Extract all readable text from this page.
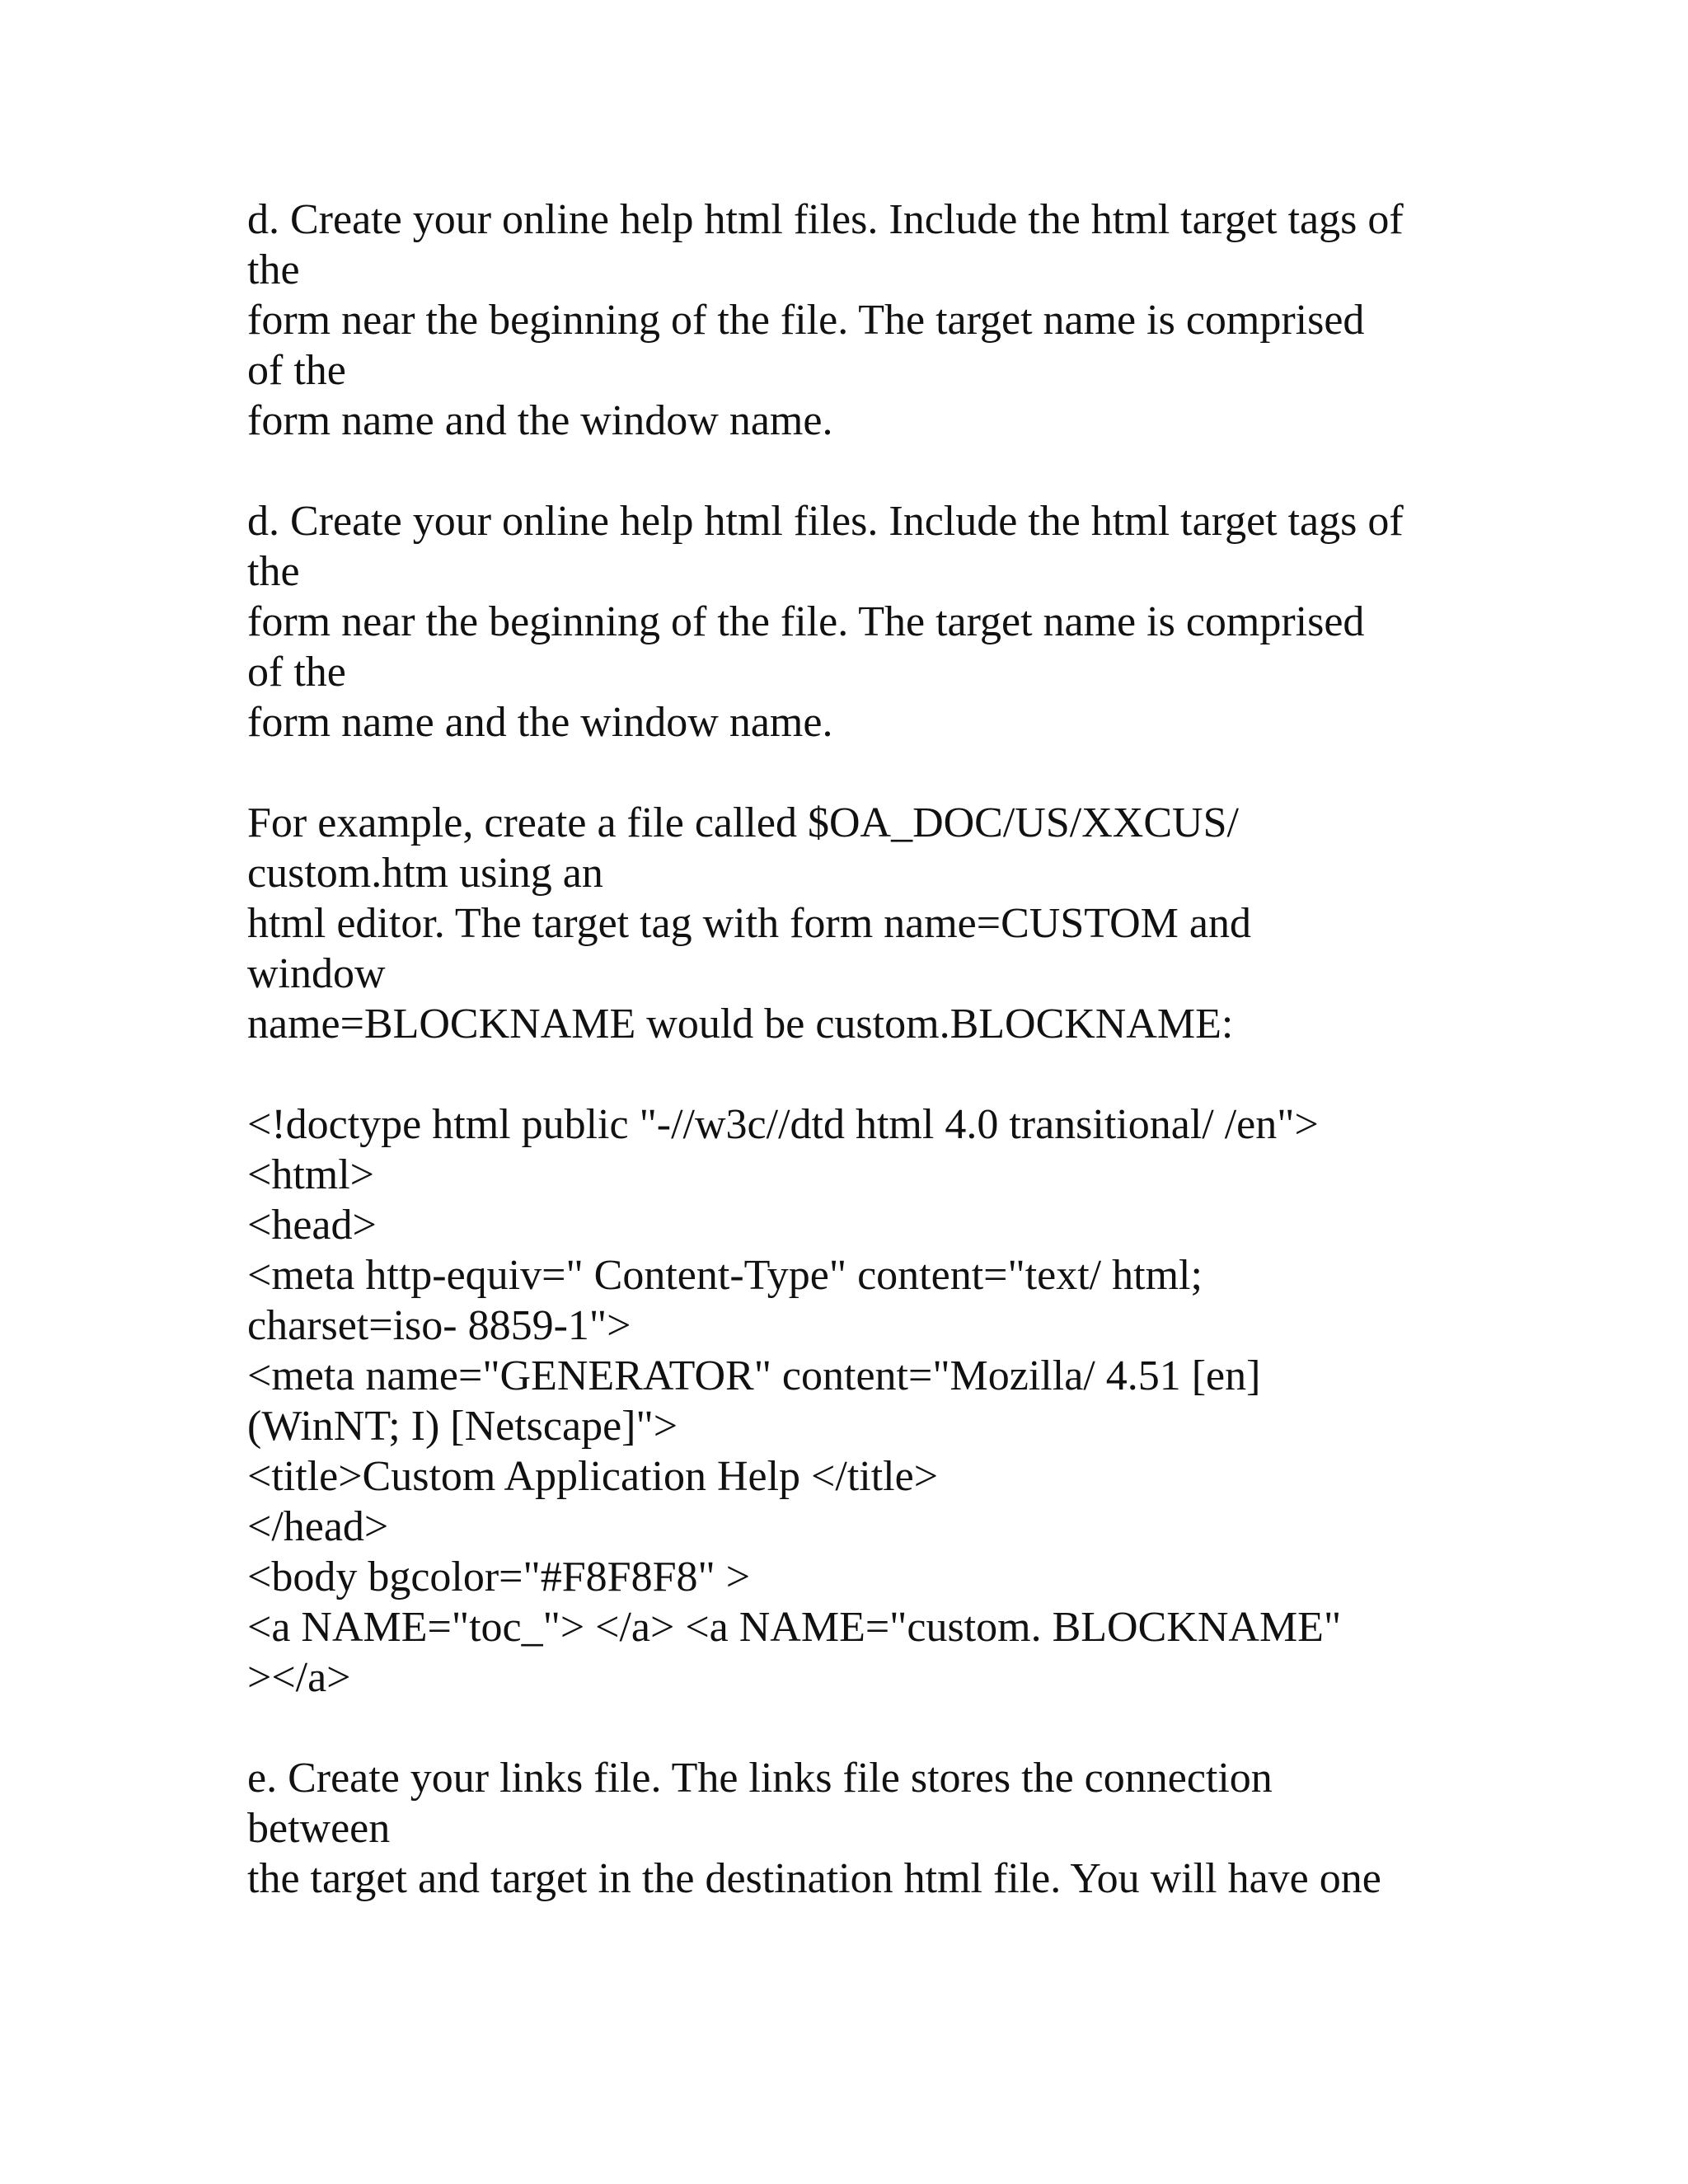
d. Create your online help html files. Include the html target tags of
the
form near the beginning of the file. The target name is comprised
of the
form name and the window name.
d. Create your online help html files. Include the html target tags of
the
form near the beginning of the file. The target name is comprised
of the
form name and the window name.
For example, create a file called $OA_DOC/US/XXCUS/
custom.htm using an
html editor. The target tag with form name=CUSTOM and
window
name=BLOCKNAME would be custom.BLOCKNAME:
<!doctype html public "-//w3c//dtd html 4.0 transitional/ /en">
<html>
<head>
<meta http-equiv=" Content-Type" content="text/ html;
charset=iso- 8859-1">
<meta name="GENERATOR" content="Mozilla/ 4.51 [en]
(WinNT; I) [Netscape]">
<title>Custom Application Help </title>
</head>
<body bgcolor="#F8F8F8" >
<a NAME="toc_"> </a> <a NAME="custom. BLOCKNAME"
></a>
e. Create your links file. The links file stores the connection
between
the target and target in the destination html file. You will have one
